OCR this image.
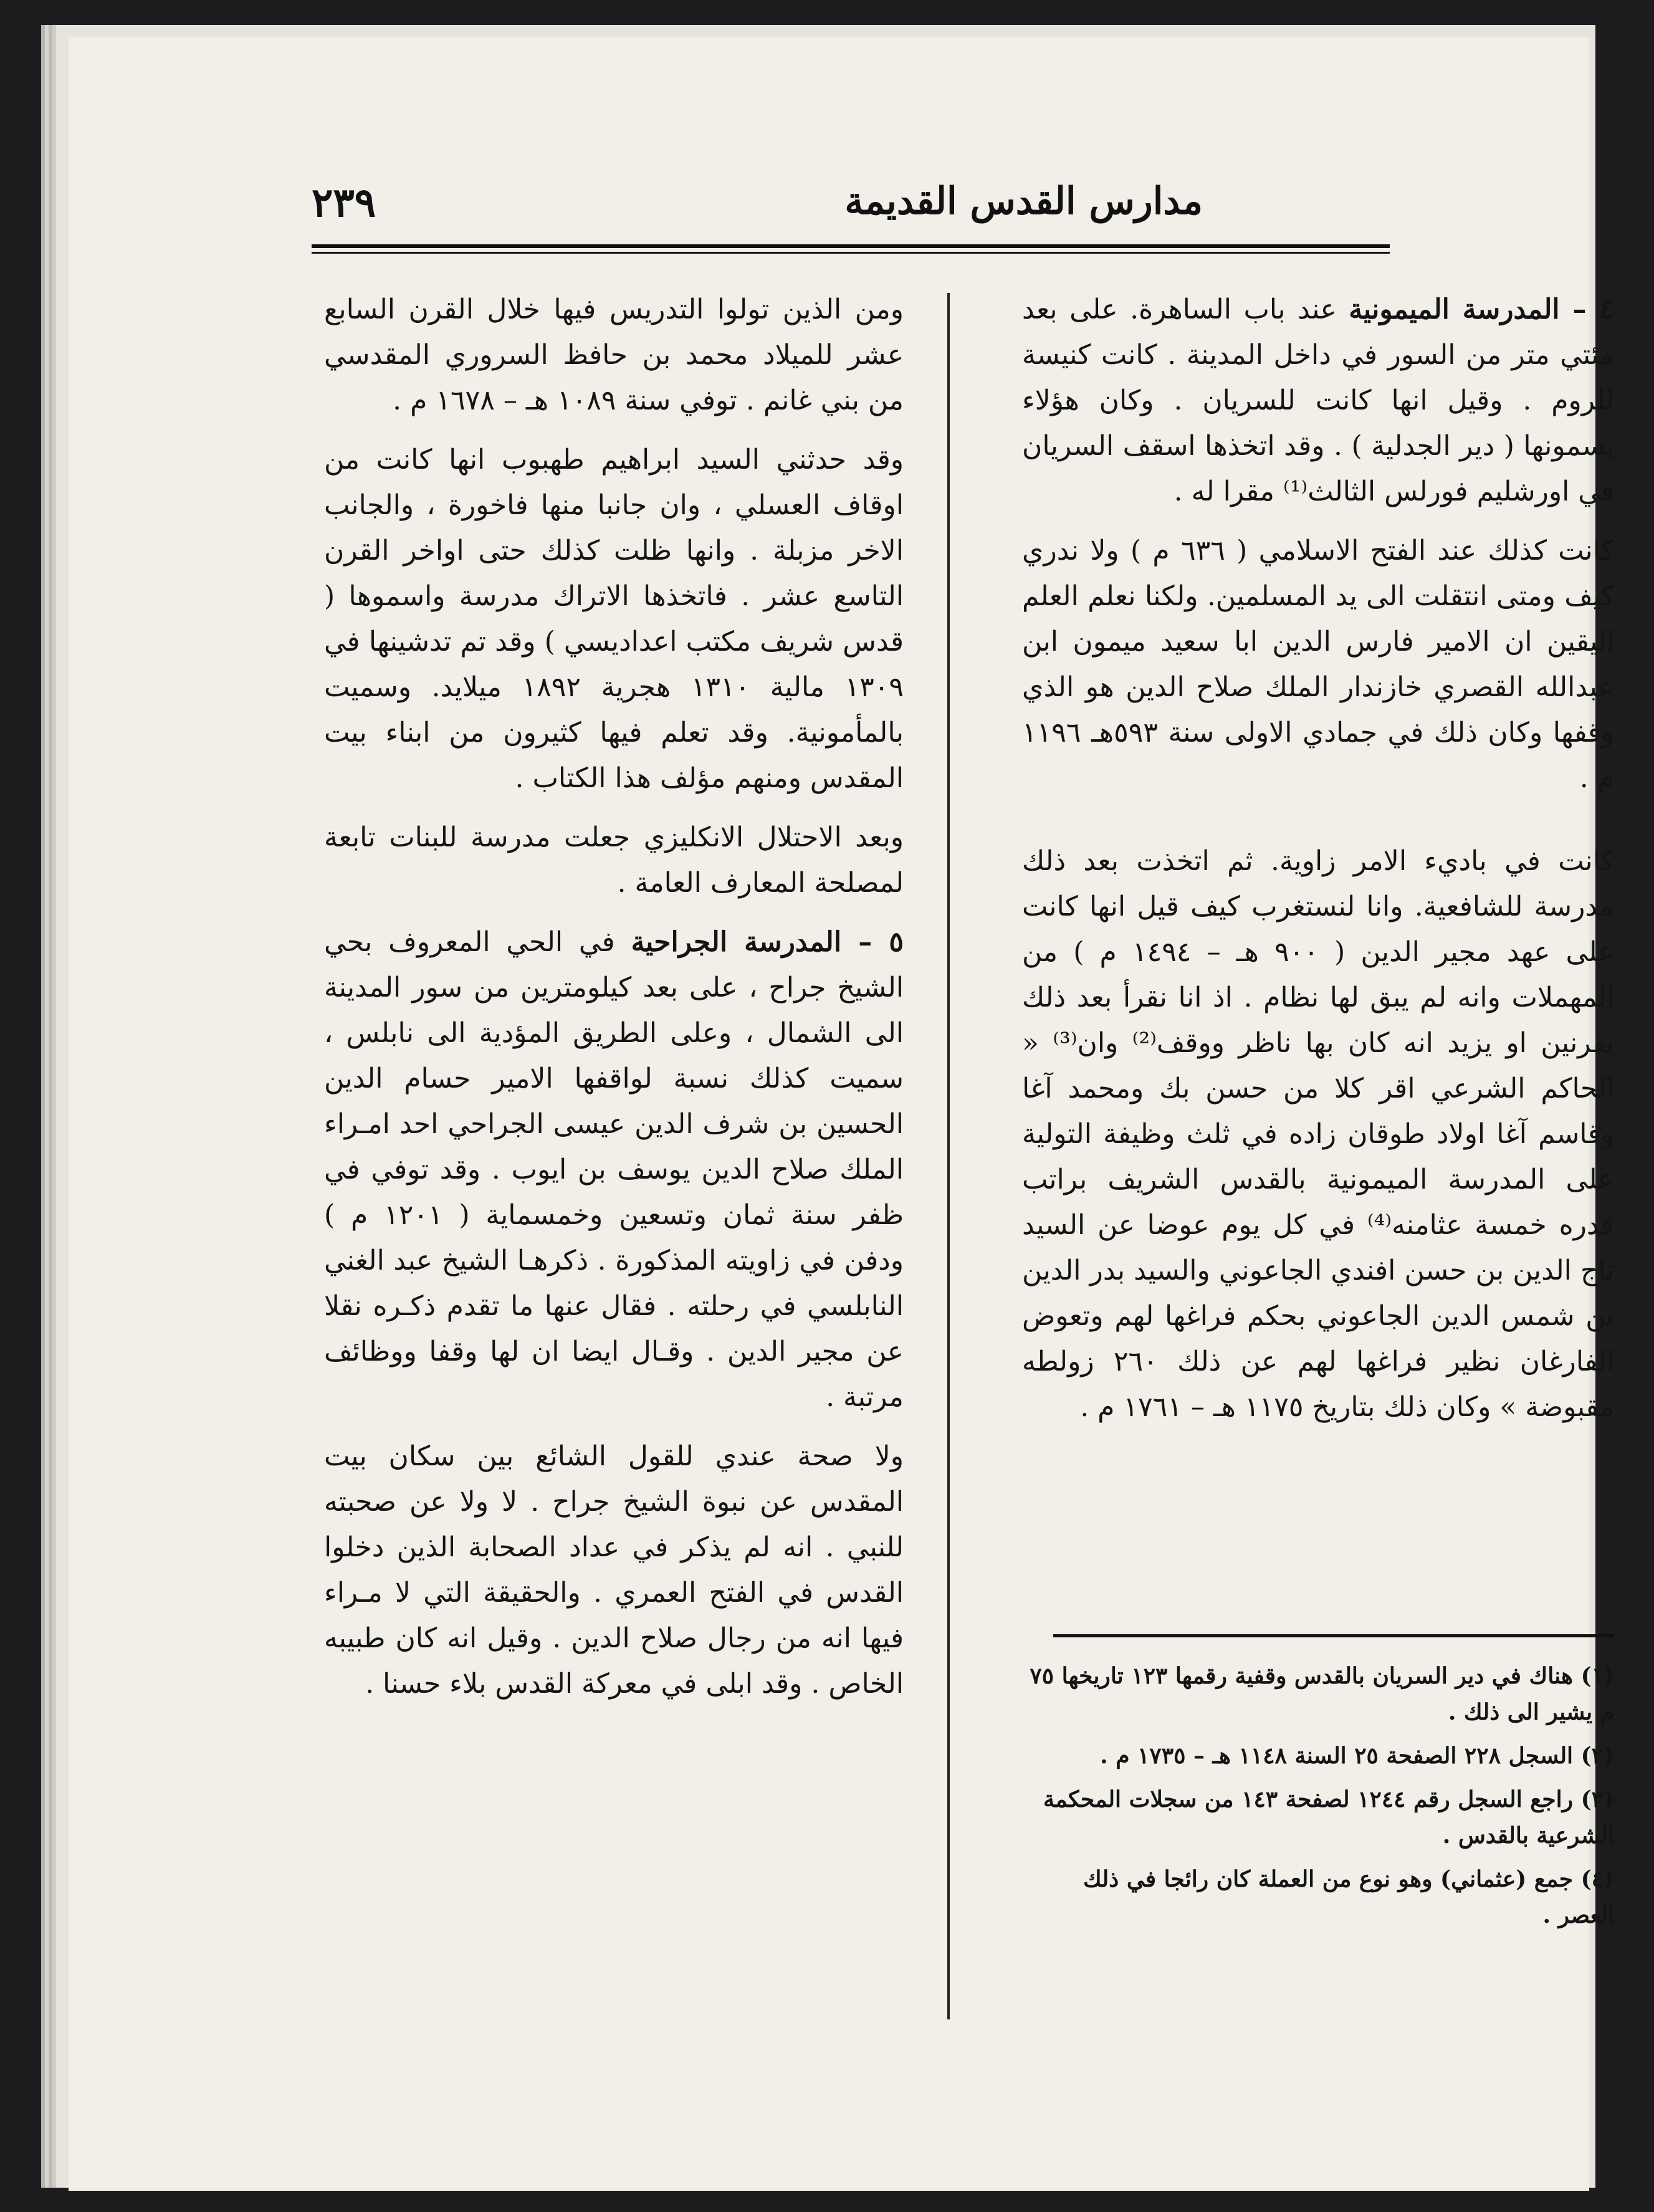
مدارس القدس القديمة
٢٣٩

٤ – المدرسة الميمونية عند باب الساهرة. على بعد مئتي متر من السور في داخل المدينة . كانت كنيسة للروم . وقيل انها كانت للسريان . وكان هؤلاء يسمونها ( دير الجدلية ) . وقد اتخذها اسقف السريان في اورشليم فورلس الثالث⁽¹⁾ مقرا له .

كانت كذلك عند الفتح الاسلامي ( ٦٣٦ م ) ولا ندري كيف ومتى انتقلت الى يد المسلمين. ولكنا نعلم العلم اليقين ان الامير فارس الدين ابا سعيد ميمون ابن عبدالله القصري خازندار الملك صلاح الدين هو الذي وقفها وكان ذلك في جمادي الاولى سنة ٥٩٣هـ ١١٩٦ م .

كانت في باديء الامر زاوية. ثم اتخذت بعد ذلك مدرسة للشافعية. وانا لنستغرب كيف قيل انها كانت على عهد مجير الدين ( ٩٠٠ هـ – ١٤٩٤ م ) من المهملات وانه لم يبق لها نظام . اذ انا نقرأ بعد ذلك بقرنين او يزيد انه كان بها ناظر ووقف⁽²⁾ وان⁽³⁾ « الحاكم الشرعي اقر كلا من حسن بك ومحمد آغا وقاسم آغا اولاد طوقان زاده في ثلث وظيفة التولية على المدرسة الميمونية بالقدس الشريف براتب قدره خمسة عثامنه⁽⁴⁾ في كل يوم عوضا عن السيد تاج الدين بن حسن افندي الجاعوني والسيد بدر الدين بن شمس الدين الجاعوني بحكم فراغها لهم وتعوض الفارغان نظير فراغها لهم عن ذلك ٢٦٠ زولطه مقبوضة » وكان ذلك بتاريخ ١١٧٥ هـ – ١٧٦١ م .

ومن الذين تولوا التدريس فيها خلال القرن السابع عشر للميلاد محمد بن حافظ السروري المقدسي من بني غانم . توفي سنة ١٠٨٩ هـ – ١٦٧٨ م .

وقد حدثني السيد ابراهيم طهبوب انها كانت من اوقاف العسلي ، وان جانبا منها فاخورة ، والجانب الاخر مزبلة . وانها ظلت كذلك حتى اواخر القرن التاسع عشر . فاتخذها الاتراك مدرسة واسموها ( قدس شريف مكتب اعداديسي ) وقد تم تدشينها في ١٣٠٩ مالية ١٣١٠ هجرية ١٨٩٢ ميلايد. وسميت بالمأمونية. وقد تعلم فيها كثيرون من ابناء بيت المقدس ومنهم مؤلف هذا الكتاب .

وبعد الاحتلال الانكليزي جعلت مدرسة للبنات تابعة لمصلحة المعارف العامة .

٥ – المدرسة الجراحية في الحي المعروف بحي الشيخ جراح ، على بعد كيلومترين من سور المدينة الى الشمال ، وعلى الطريق المؤدية الى نابلس ، سميت كذلك نسبة لواقفها الامير حسام الدين الحسين بن شرف الدين عيسى الجراحي احد امـراء الملك صلاح الدين يوسف بن ايوب . وقد توفي في ظفر سنة ثمان وتسعين وخمسماية ( ١٢٠١ م ) ودفن في زاويته المذكورة . ذكرهـا الشيخ عبد الغني النابلسي في رحلته . فقال عنها ما تقدم ذكـره نقلا عن مجير الدين . وقـال ايضا ان لها وقفا ووظائف مرتبة .

ولا صحة عندي للقول الشائع بين سكان بيت المقدس عن نبوة الشيخ جراح . لا ولا عن صحبته للنبي . انه لم يذكر في عداد الصحابة الذين دخلوا القدس في الفتح العمري . والحقيقة التي لا مـراء فيها انه من رجال صلاح الدين . وقيل انه كان طبيبه الخاص . وقد ابلى في معركة القدس بلاء حسنا .	(١) هناك في دير السريان بالقدس وقفية رقمها ١٢٣ تاريخها ٧٥ م يشير الى ذلك .

(٢) السجل ٢٢٨ الصفحة ٢٥ السنة ١١٤٨ هـ – ١٧٣٥ م .

(٣) راجع السجل رقم ١٢٤٤ لصفحة ١٤٣ من سجلات المحكمة الشرعية بالقدس .

(٤) جمع (عثماني) وهو نوع من العملة كان رائجا في ذلك العصر .
